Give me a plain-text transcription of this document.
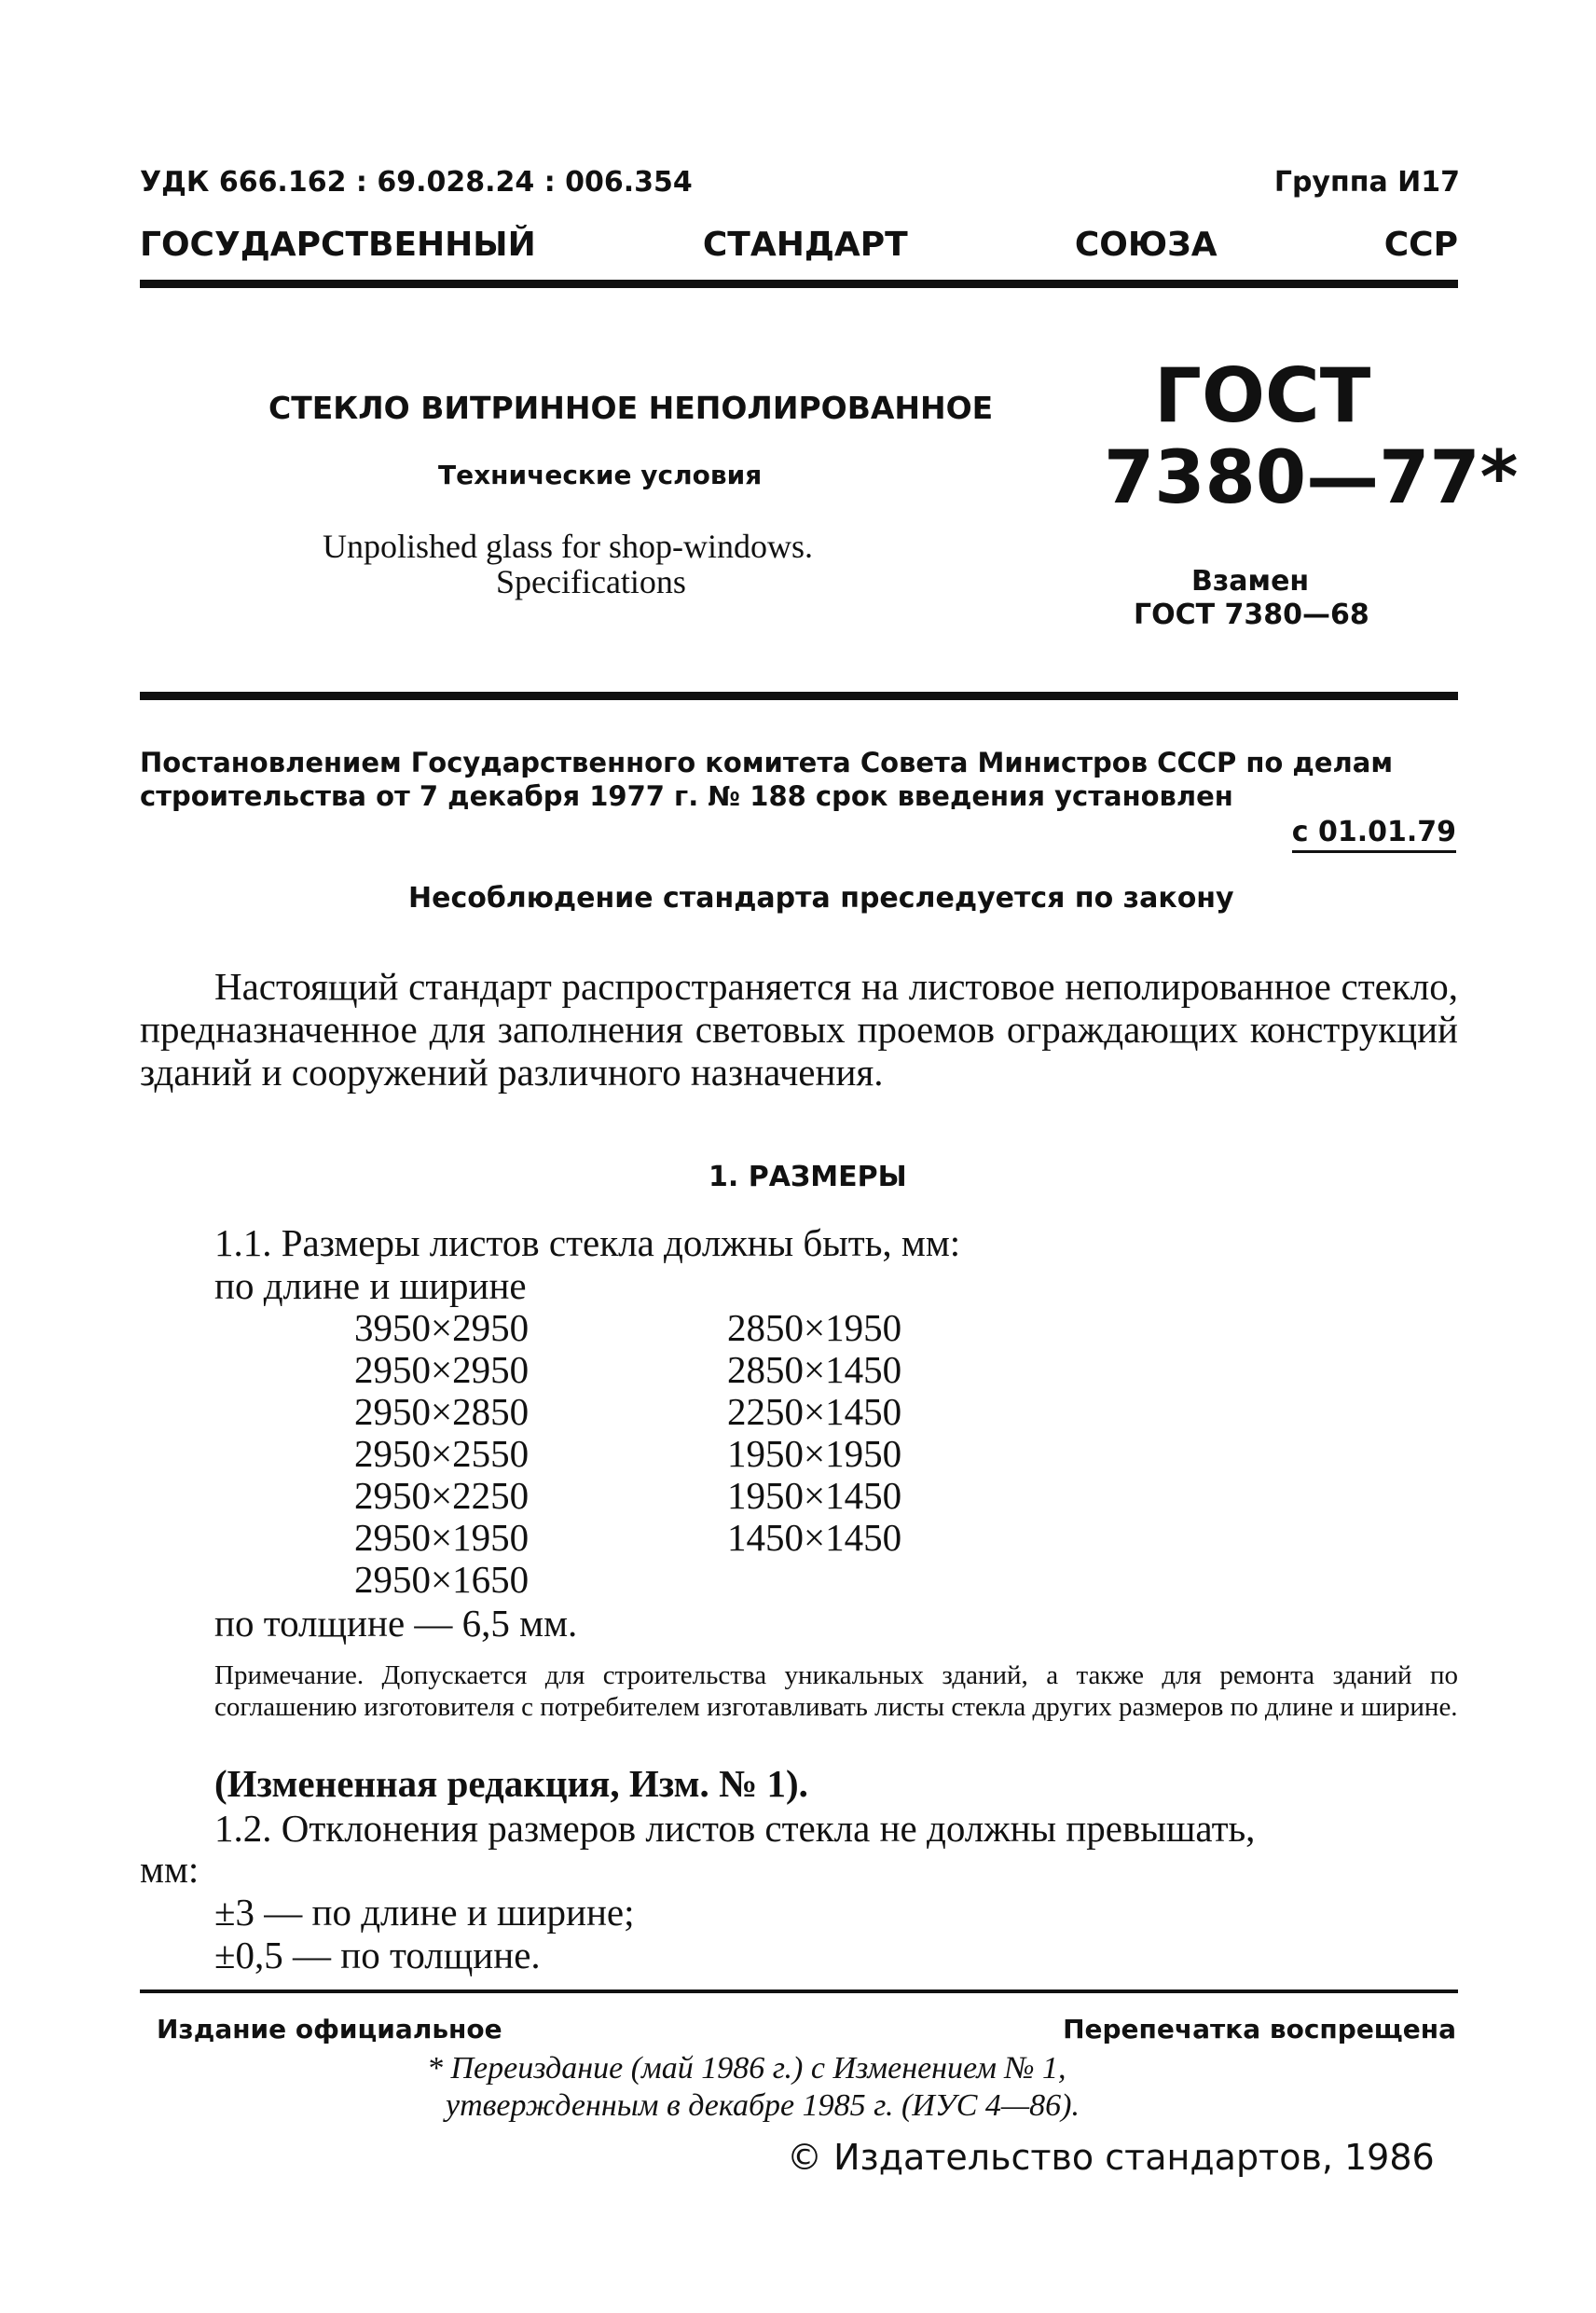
УДК 666.162 : 69.028.24 : 006.354	Группа И17
ГОСУДАРСТВЕННЫЙ	СТАНДАРТ	СОЮЗА	ССР
СТЕКЛО ВИТРИННОЕ НЕПОЛИРОВАННОЕ
Технические условия
Unpolished glass for shop-windows.
Specifications
ГОСТ
7380—77*
Взамен
ГОСТ 7380—68
Постановлением Государственного комитета Совета Министров СССР по делам строительства от 7 декабря 1977 г. № 188 срок введения установлен
с 01.01.79
Несоблюдение стандарта преследуется по закону
Настоящий стандарт распространяется на листовое неполированное стекло, предназначенное для заполнения световых проемов ограждающих конструкций зданий и сооружений различного назначения.
1. РАЗМЕРЫ
1.1. Размеры листов стекла должны быть, мм:
по длине и ширине
3950×2950	2850×1950
2950×2950	2850×1450
2950×2850	2250×1450
2950×2550	1950×1950
2950×2250	1950×1450
2950×1950	1450×1450
2950×1650
по толщине — 6,5 мм.
Примечание. Допускается для строительства уникальных зданий, а также для ремонта зданий по соглашению изготовителя с потребителем изготавливать листы стекла других размеров по длине и ширине.
(Измененная редакция, Изм. № 1).
1.2. Отклонения размеров листов стекла не должны превышать,
мм:
±3 — по длине и ширине;
±0,5 — по толщине.
Издание официальное	Перепечатка воспрещена
* Переиздание (май 1986 г.) с Изменением № 1,
утвержденным в декабре 1985 г. (ИУС 4—86).
© Издательство стандартов, 1986
